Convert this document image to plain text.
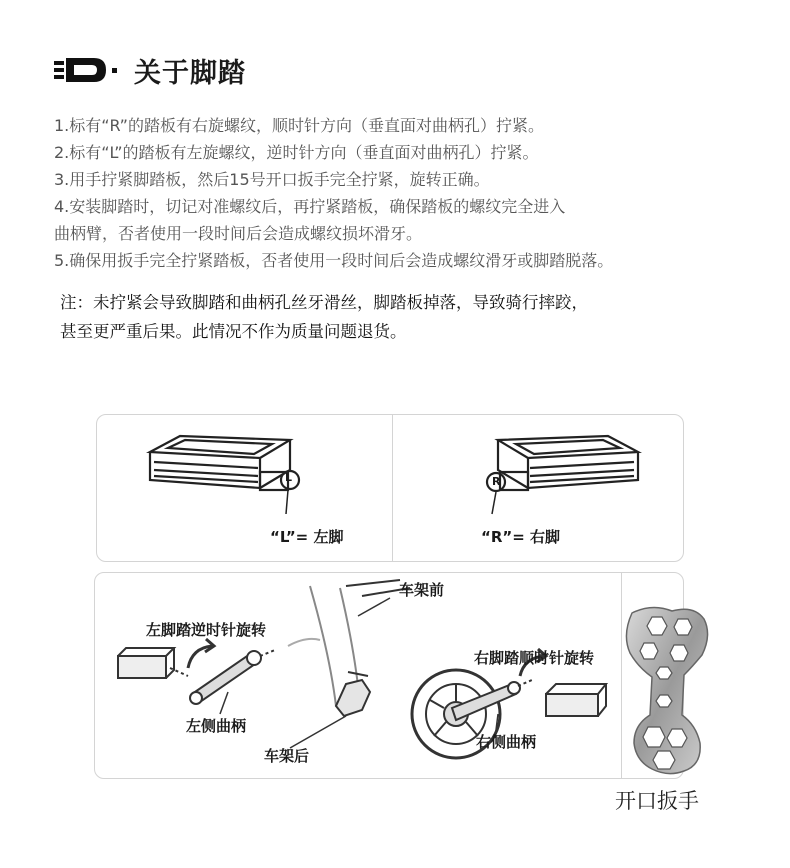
关于脚踏

1.标有“R”的踏板有右旋螺纹，顺时针方向（垂直面对曲柄孔）拧紧。

2.标有“L”的踏板有左旋螺纹，逆时针方向（垂直面对曲柄孔）拧紧。

3.用手拧紧脚踏板，然后15号开口扳手完全拧紧，旋转正确。

4.安装脚踏时，切记对准螺纹后，再拧紧踏板，确保踏板的螺纹完全进入

曲柄臂，否者使用一段时间后会造成螺纹损坏滑牙。

5.确保用扳手完全拧紧踏板，否者使用一段时间后会造成螺纹滑牙或脚踏脱落。

注：未拧紧会导致脚踏和曲柄孔丝牙滑丝，脚踏板掉落，导致骑行摔跤，

甚至更严重后果。此情况不作为质量问题退货。

L
“L”= 左脚
R
“R”= 右脚
左脚踏逆时针旋转
右脚踏顺时针旋转
车架前
车架后
左侧曲柄
右侧曲柄
开口扳手
